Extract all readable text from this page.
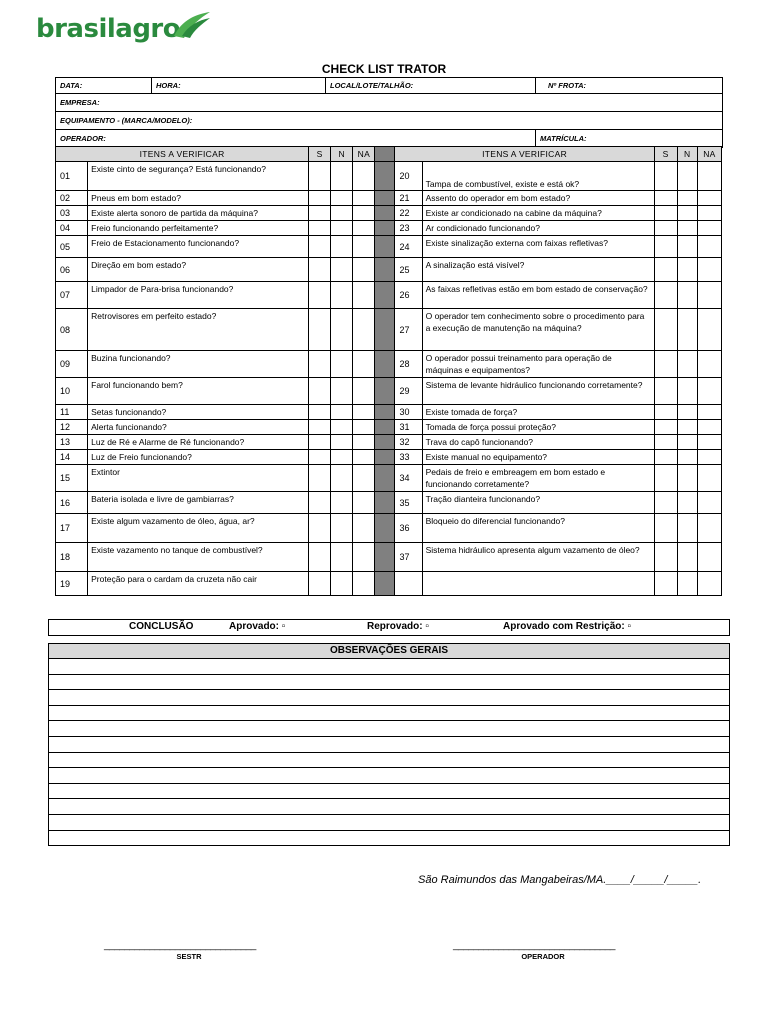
brasilagro
CHECK LIST TRATOR
DATA:	HORA:	LOCAL/LOTE/TALHÃO:	Nº FROTA:
EMPRESA:			
EQUIPAMENTO - (MARCA/MODELO):			
OPERADOR:			MATRÍCULA:
ITENS A VERIFICAR		S	N	NA		ITENS A VERIFICAR		S	N	NA
01	Existe cinto de segurança? Está funcionando?					20	Tampa de combustível, existe e está ok?			
02	Pneus em bom estado?					21	Assento do operador em bom estado?			
03	Existe alerta sonoro de partida da máquina?					22	Existe ar condicionado na cabine da máquina?			
04	Freio funcionando perfeitamente?					23	Ar condicionado funcionando?			
05	Freio de Estacionamento funcionando?					24	Existe sinalização externa com faixas refletivas?			
06	Direção em bom estado?					25	A sinalização está visível?			
07	Limpador de Para-brisa funcionando?					26	As faixas refletivas estão em bom estado de conservação?			
08	Retrovisores em perfeito estado?					27	O operador tem conhecimento sobre o procedimento para a execução de manutenção na máquina?			
09	Buzina funcionando?					28	O operador possui treinamento para operação de máquinas e equipamentos?			
10	Farol funcionando bem?					29	Sistema de levante hidráulico funcionando corretamente?			
11	Setas funcionando?					30	Existe tomada de força?			
12	Alerta funcionando?					31	Tomada de força possui proteção?			
13	Luz de Ré e Alarme de Ré funcionando?					32	Trava do capô funcionando?			
14	Luz de Freio funcionando?					33	Existe manual no equipamento?			
15	Extintor					34	Pedais de freio e embreagem em bom estado e funcionando corretamente?			
16	Bateria isolada e livre de gambiarras?					35	Tração dianteira funcionando?			
17	Existe algum vazamento de óleo, água, ar?					36	Bloqueio do diferencial funcionando?			
18	Existe vazamento no tanque de combustível?					37	Sistema hidráulico apresenta algum vazamento de óleo?			
19	Proteção para o cardam da cruzeta não cair									
CONCLUSÃO	Aprovado: ▫	Reprovado: ▫	Aprovado com Restrição: ▫
OBSERVAÇÕES GERAIS
São Raimundos das Mangabeiras/MA.____/_____/_____.
______________________________
SESTR
________________________________
OPERADOR
